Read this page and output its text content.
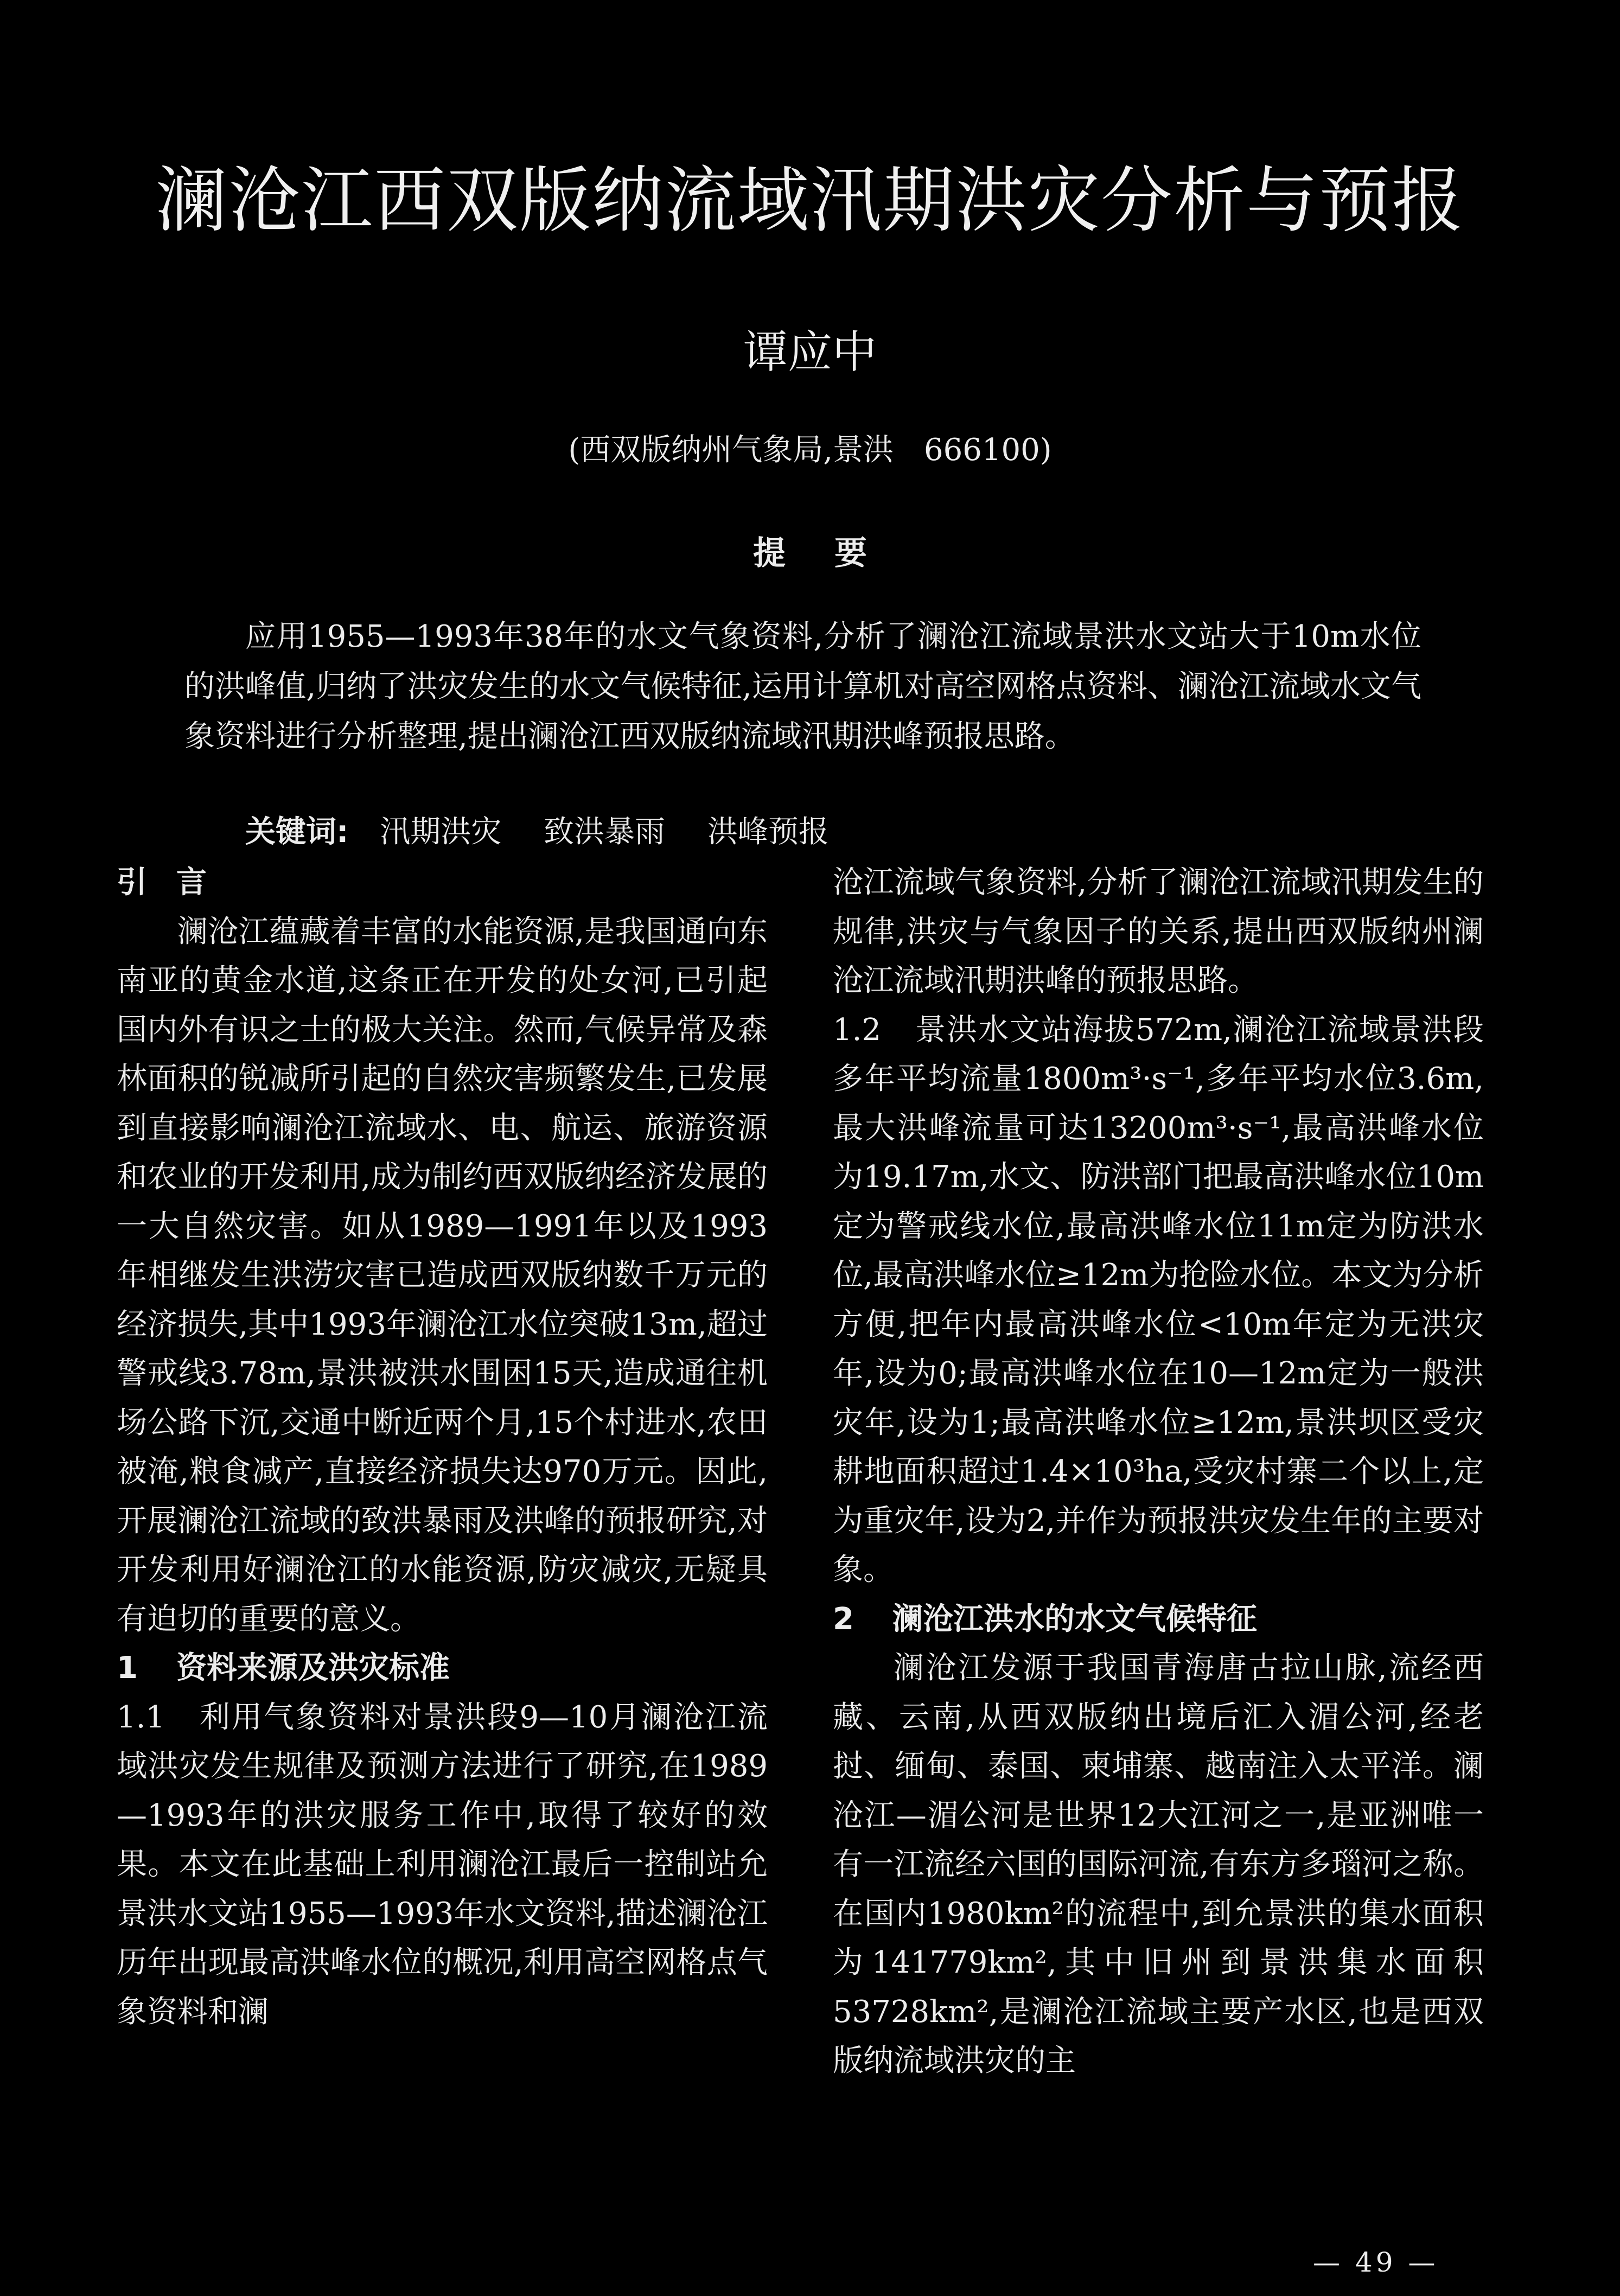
澜沧江西双版纳流域汛期洪灾分析与预报
谭应中
(西双版纳州气象局,景洪　666100)
提要

应用1955—1993年38年的水文气象资料,分析了澜沧江流域景洪水文站大于10m水位的洪峰值,归纳了洪灾发生的水文气候特征,运用计算机对高空网格点资料、澜沧江流域水文气象资料进行分析整理,提出澜沧江西双版纳流域汛期洪峰预报思路。

关键词: 汛期洪灾 致洪暴雨 洪峰预报

引 言

澜沧江蕴藏着丰富的水能资源,是我国通向东南亚的黄金水道,这条正在开发的处女河,已引起国内外有识之士的极大关注。然而,气候异常及森林面积的锐减所引起的自然灾害频繁发生,已发展到直接影响澜沧江流域水、电、航运、旅游资源和农业的开发利用,成为制约西双版纳经济发展的一大自然灾害。如从1989—1991年以及1993年相继发生洪涝灾害已造成西双版纳数千万元的经济损失,其中1993年澜沧江水位突破13m,超过警戒线3.78m,景洪被洪水围困15天,造成通往机场公路下沉,交通中断近两个月,15个村进水,农田被淹,粮食减产,直接经济损失达970万元。因此,开展澜沧江流域的致洪暴雨及洪峰的预报研究,对开发利用好澜沧江的水能资源,防灾减灾,无疑具有迫切的重要的意义。

1 资料来源及洪灾标准

1.1 利用气象资料对景洪段9—10月澜沧江流域洪灾发生规律及预测方法进行了研究,在1989—1993年的洪灾服务工作中,取得了较好的效果。本文在此基础上利用澜沧江最后一控制站允景洪水文站1955—1993年水文资料,描述澜沧江历年出现最高洪峰水位的概况,利用高空网格点气象资料和澜

沧江流域气象资料,分析了澜沧江流域汛期发生的规律,洪灾与气象因子的关系,提出西双版纳州澜沧江流域汛期洪峰的预报思路。

1.2 景洪水文站海拔572m,澜沧江流域景洪段多年平均流量1800m³·s⁻¹,多年平均水位3.6m,最大洪峰流量可达13200m³·s⁻¹,最高洪峰水位为19.17m,水文、防洪部门把最高洪峰水位10m定为警戒线水位,最高洪峰水位11m定为防洪水位,最高洪峰水位≥12m为抢险水位。本文为分析方便,把年内最高洪峰水位<10m年定为无洪灾年,设为0;最高洪峰水位在10—12m定为一般洪灾年,设为1;最高洪峰水位≥12m,景洪坝区受灾耕地面积超过1.4×10³ha,受灾村寨二个以上,定为重灾年,设为2,并作为预报洪灾发生年的主要对象。

2 澜沧江洪水的水文气候特征

澜沧江发源于我国青海唐古拉山脉,流经西藏、云南,从西双版纳出境后汇入湄公河,经老挝、缅甸、泰国、柬埔寨、越南注入太平洋。澜沧江—湄公河是世界12大江河之一,是亚洲唯一有一江流经六国的国际河流,有东方多瑙河之称。在国内1980km²的流程中,到允景洪的集水面积为141779km²,其中旧州到景洪集水面积53728km²,是澜沧江流域主要产水区,也是西双版纳流域洪灾的主

— 49 —
